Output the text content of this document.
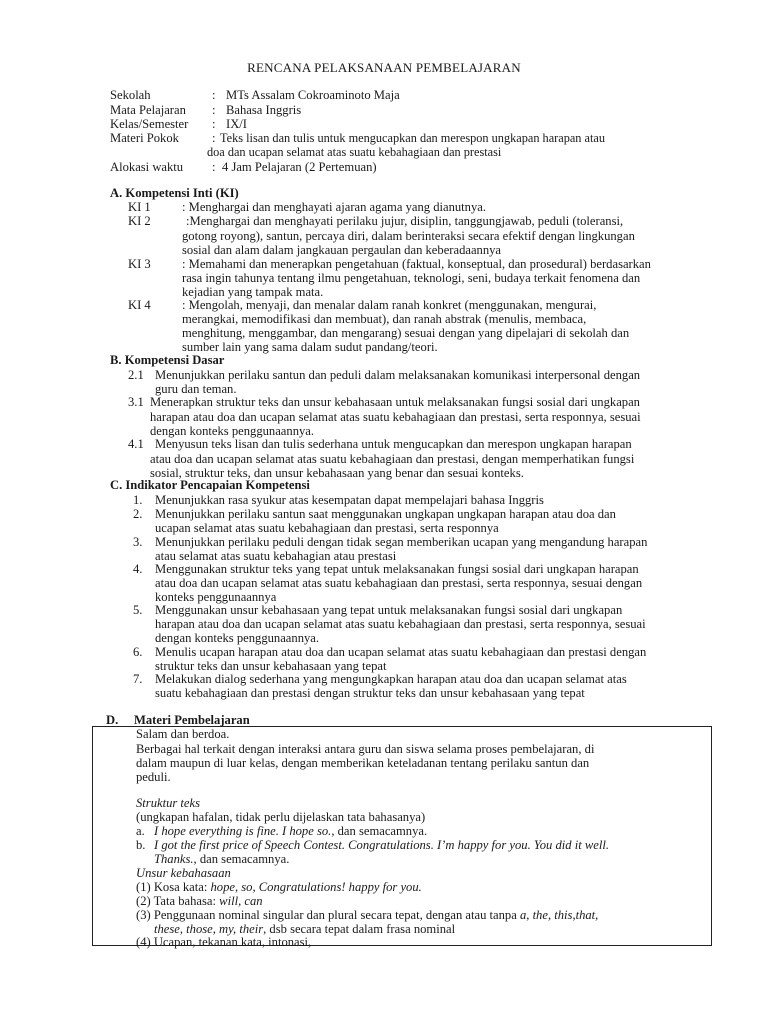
RENCANA PELAKSANAAN PEMBELAJARAN
Sekolah	: MTs Assalam Cokroaminoto Maja
Mata Pelajaran : Bahasa Inggris
Kelas/Semester : IX/I
Materi Pokok	: Teks lisan dan tulis untuk mengucapkan dan merespon ungkapan harapan atau
doa dan ucapan selamat atas suatu kebahagiaan dan prestasi
Alokasi waktu : 4 Jam Pelajaran (2 Pertemuan)
A. Kompetensi Inti (KI)
KI 1 : Menghargai dan menghayati ajaran agama yang dianutnya.
KI 2	:Menghargai dan menghayati perilaku jujur, disiplin, tanggungjawab, peduli (toleransi,
gotong royong), santun, percaya diri, dalam berinteraksi secara efektif dengan lingkungan
sosial dan alam dalam jangkauan pergaulan dan keberadaannya
KI 3 : Memahami dan menerapkan pengetahuan (faktual, konseptual, dan prosedural) berdasarkan
rasa ingin tahunya tentang ilmu pengetahuan, teknologi, seni, budaya terkait fenomena dan
kejadian yang tampak mata.
KI 4 : Mengolah, menyaji, dan menalar dalam ranah konkret (menggunakan, mengurai,
merangkai, memodifikasi dan membuat), dan ranah abstrak (menulis, membaca,
menghitung, menggambar, dan mengarang) sesuai dengan yang dipelajari di sekolah dan
sumber lain yang sama dalam sudut pandang/teori.
B. Kompetensi Dasar
2.1 Menunjukkan perilaku santun dan peduli dalam melaksanakan komunikasi interpersonal dengan
guru dan teman.
3.1 Menerapkan struktur teks dan unsur kebahasaan untuk melaksanakan fungsi sosial dari ungkapan
harapan atau doa dan ucapan selamat atas suatu kebahagiaan dan prestasi, serta responnya, sesuai
dengan konteks penggunaannya.
4.1 Menyusun teks lisan dan tulis sederhana untuk mengucapkan dan merespon ungkapan harapan
atau doa dan ucapan selamat atas suatu kebahagiaan dan prestasi, dengan memperhatikan fungsi
sosial, struktur teks, dan unsur kebahasaan yang benar dan sesuai konteks.
C. Indikator Pencapaian Kompetensi
1. Menunjukkan rasa syukur atas kesempatan dapat mempelajari bahasa Inggris
2. Menunjukkan perilaku santun saat menggunakan ungkapan ungkapan harapan atau doa dan
ucapan selamat atas suatu kebahagiaan dan prestasi, serta responnya
3. Menunjukkan perilaku peduli dengan tidak segan memberikan ucapan yang mengandung harapan
atau selamat atas suatu kebahagian atau prestasi
4. Menggunakan struktur teks yang tepat untuk melaksanakan fungsi sosial dari ungkapan harapan
atau doa dan ucapan selamat atas suatu kebahagiaan dan prestasi, serta responnya, sesuai dengan
konteks penggunaannya
5. Menggunakan unsur kebahasaan yang tepat untuk melaksanakan fungsi sosial dari ungkapan
harapan atau doa dan ucapan selamat atas suatu kebahagiaan dan prestasi, serta responnya, sesuai
dengan konteks penggunaannya.
6. Menulis ucapan harapan atau doa dan ucapan selamat atas suatu kebahagiaan dan prestasi dengan
struktur teks dan unsur kebahasaan yang tepat
7. Melakukan dialog sederhana yang mengungkapkan harapan atau doa dan ucapan selamat atas
suatu kebahagiaan dan prestasi dengan struktur teks dan unsur kebahasaan yang tepat
D.     Materi Pembelajaran
Salam dan berdoa.
Berbagai hal terkait dengan interaksi antara guru dan siswa selama proses pembelajaran, di
dalam maupun di luar kelas, dengan memberikan keteladanan tentang perilaku santun dan
peduli.
Struktur teks
(ungkapan hafalan, tidak perlu dijelaskan tata bahasanya)
a. I hope everything is fine. I hope so., dan semacamnya.
b. I got the first price of Speech Contest. Congratulations. I’m happy for you. You did it well.
Thanks., dan semacamnya.
Unsur kebahasaan
(1) Kosa kata: hope, so, Congratulations! happy for you.
(2) Tata bahasa: will, can
(3) Penggunaan nominal singular dan plural secara tepat, dengan atau tanpa a, the, this,that,
these, those, my, their, dsb secara tepat dalam frasa nominal
(4) Ucapan, tekanan kata, intonasi,
